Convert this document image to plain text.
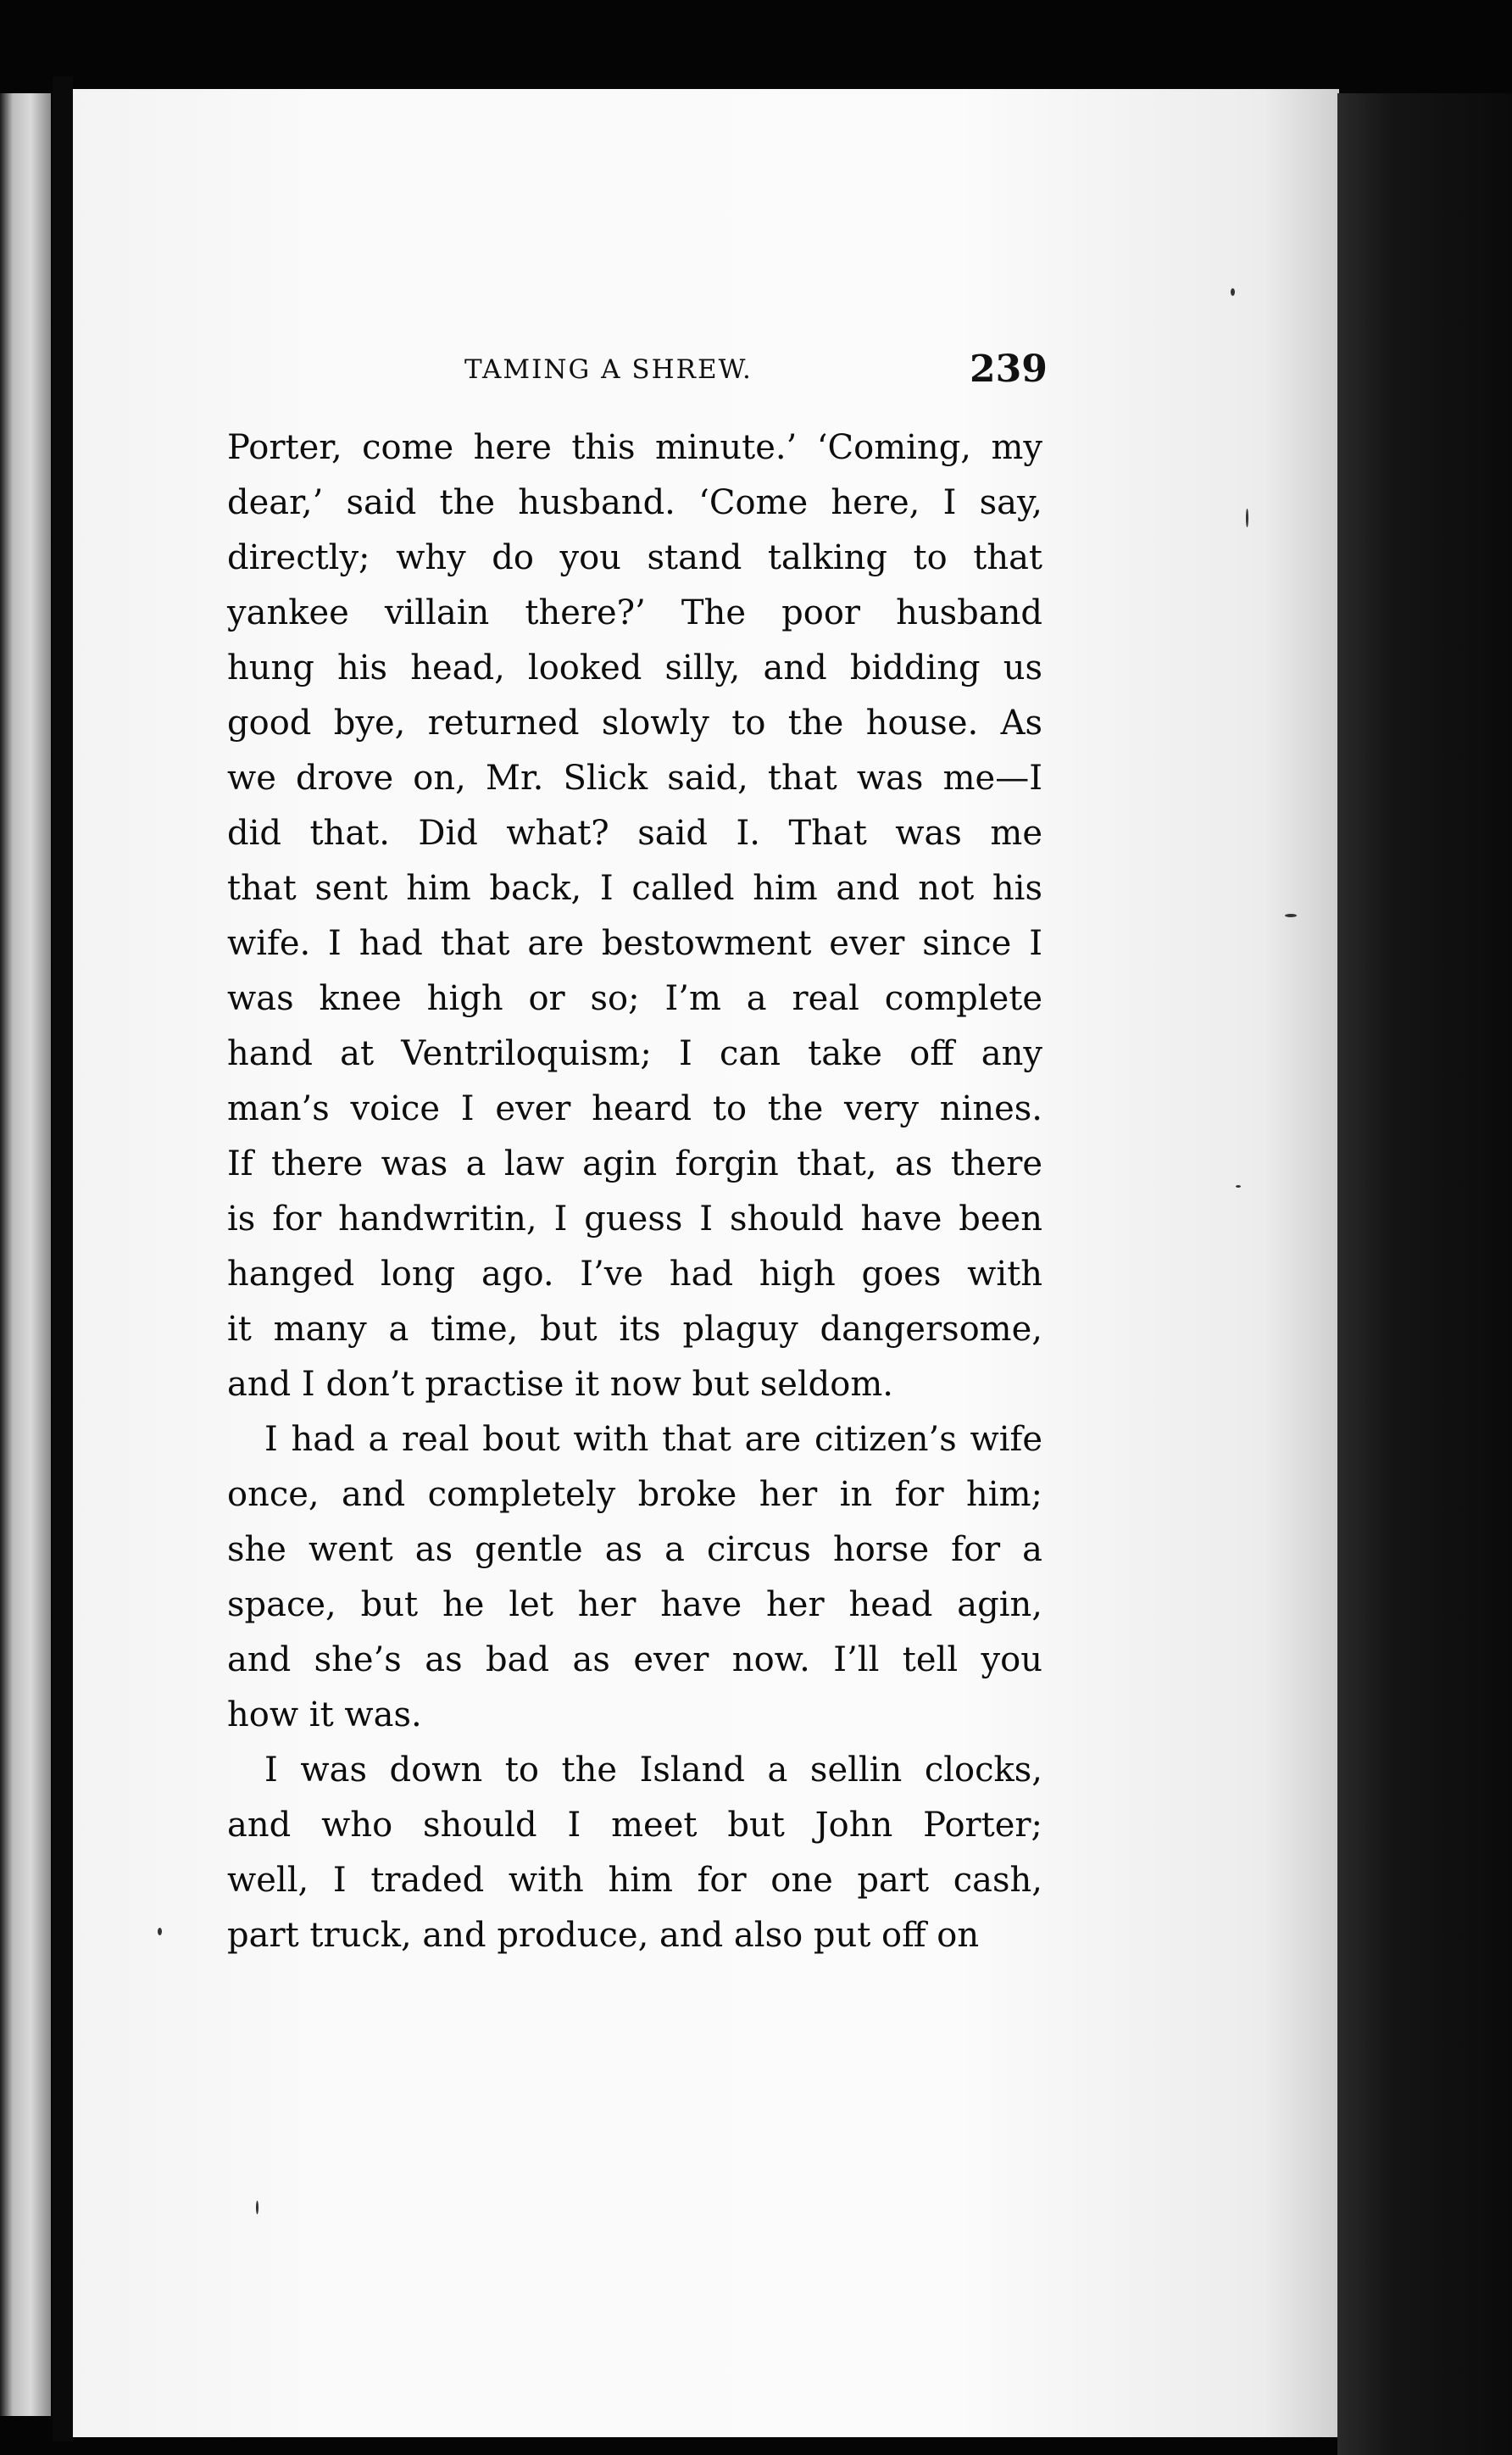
TAMING A SHREW.	239
Porter, come here this minute.’ ‘Coming, my
dear,’ said the husband. ‘Come here, I say,
directly; why do you stand talking to that
yankee villain there?’ The poor husband
hung his head, looked silly, and bidding us
good bye, returned slowly to the house. As
we drove on, Mr. Slick said, that was me—I
did that. Did what? said I. That was me
that sent him back, I called him and not his
wife. I had that are bestowment ever since I
was knee high or so; I’m a real complete
hand at Ventriloquism; I can take off any
man’s voice I ever heard to the very nines.
If there was a law agin forgin that, as there
is for handwritin, I guess I should have been
hanged long ago. I’ve had high goes with
it many a time, but its plaguy dangersome,
and I don’t practise it now but seldom.
I had a real bout with that are citizen’s wife
once, and completely broke her in for him;
she went as gentle as a circus horse for a
space, but he let her have her head agin,
and she’s as bad as ever now. I’ll tell you
how it was.
I was down to the Island a sellin clocks,
and who should I meet but John Porter;
well, I traded with him for one part cash,
part truck, and produce, and also put off on
